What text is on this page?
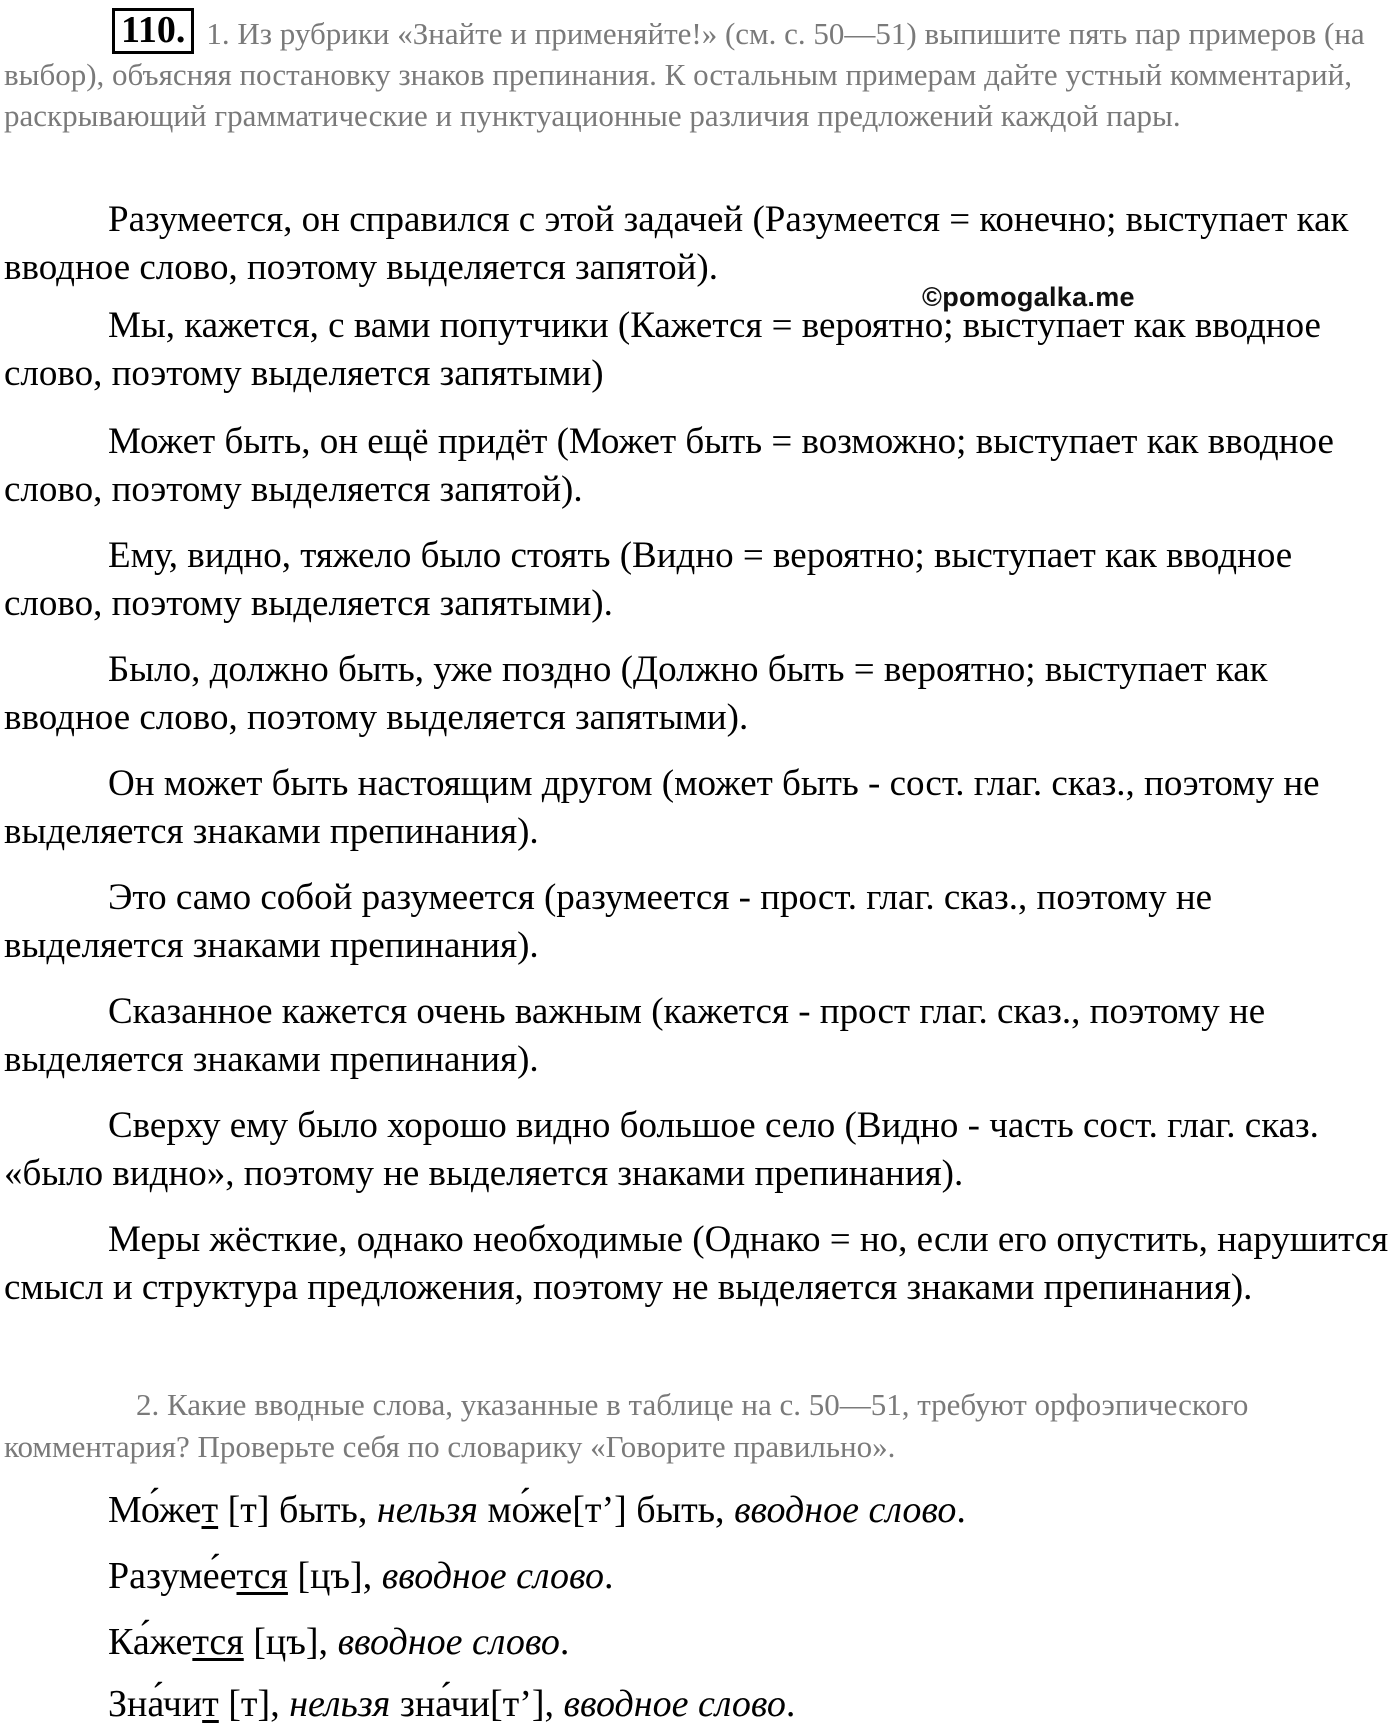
110. 1. Из рубрики «Знайте и применяйте!» (см. с. 50—51) выпишите пять пар примеров (на выбор), объясняя постановку знаков препинания. К остальным примерам дайте устный комментарий, раскрывающий грамматические и пунктуационные различия предложений каждой пары.
©pomogalka.me

Разумеется, он справился с этой задачей (Разумеется = конечно; выступает как вводное слово, поэтому выделяется запятой).

Мы, кажется, с вами попутчики (Кажется = вероятно; выступает как вводное слово, поэтому выделяется запятыми)

Может быть, он ещё придёт (Может быть = возможно; выступает как вводное слово, поэтому выделяется запятой).

Ему, видно, тяжело было стоять (Видно = вероятно; выступает как вводное слово, поэтому выделяется запятыми).

Было, должно быть, уже поздно (Должно быть = вероятно; выступает как вводное слово, поэтому выделяется запятыми).

Он может быть настоящим другом (может быть - сост. глаг. сказ., поэтому не выделяется знаками препинания).

Это само собой разумеется (разумеется - прост. глаг. сказ., поэтому не выделяется знаками препинания).

Сказанное кажется очень важным (кажется - прост глаг. сказ., поэтому не выделяется знаками препинания).

Сверху ему было хорошо видно большое село (Видно - часть сост. глаг. сказ. «было видно», поэтому не выделяется знаками препинания).

Меры жёсткие, однако необходимые (Однако = но, если его опустить, нарушится смысл и структура предложения, поэтому не выделяется знаками препинания).

2. Какие вводные слова, указанные в таблице на с. 50—51, требуют орфоэпического комментария? Проверьте себя по словарику «Говорите правильно».

Мо́жет [т] быть, нельзя мо́же[т’] быть, вводное слово.

Разуме́ется [цъ], вводное слово.

Ка́жется [цъ], вводное слово.

Зна́чит [т], нельзя зна́чи[т’], вводное слово.
